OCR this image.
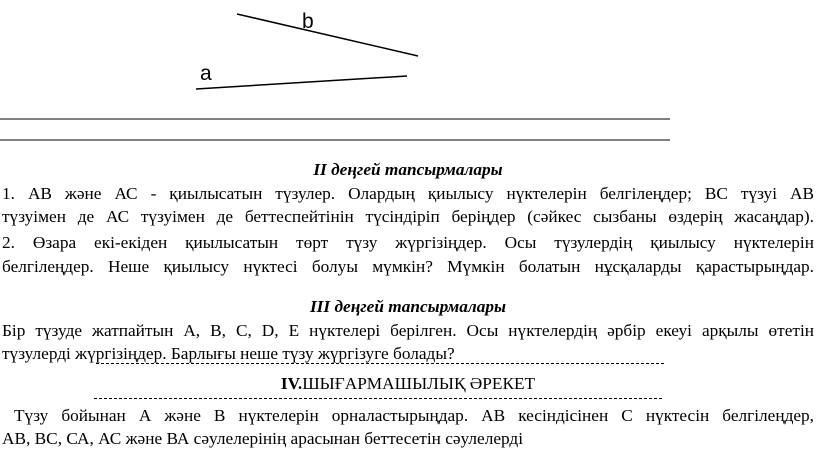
b
a
II деңгей тапсырмалары
1. АВ және АС - қиылысатын түзулер. Олардың қиылысу нүктелерін белгілеңдер; ВС түзуі АВ
түзуімен де АС түзуімен де беттеспейтінін түсіндіріп беріңдер (сәйкес сызбаны өздерің жасаңдар).
2. Өзара екі-екіден қиылысатын төрт түзу жүргізіңдер. Осы түзулердің қиылысу нүктелерін
белгілеңдер. Неше қиылысу нүктесі болуы мүмкін? Мүмкін болатын нұсқаларды қарастырыңдар.
III деңгей тапсырмалары
Бір түзуде жатпайтын А, В, С, D, Е нүктелері берілген. Осы нүктелердің әрбір екеуі арқылы өтетін
түзулерді жүргізіңдер. Барлығы неше түзу жүргізуге болады?
IV.ШЫҒАРМАШЫЛЫҚ ӘРЕКЕТ
Түзу бойынан А және В нүктелерін орналастырыңдар. АВ кесіндісінен С нүктесін белгілеңдер,
АВ, ВС, СА, АС және ВА сәулелерінің арасынан беттесетін сәулелерді
